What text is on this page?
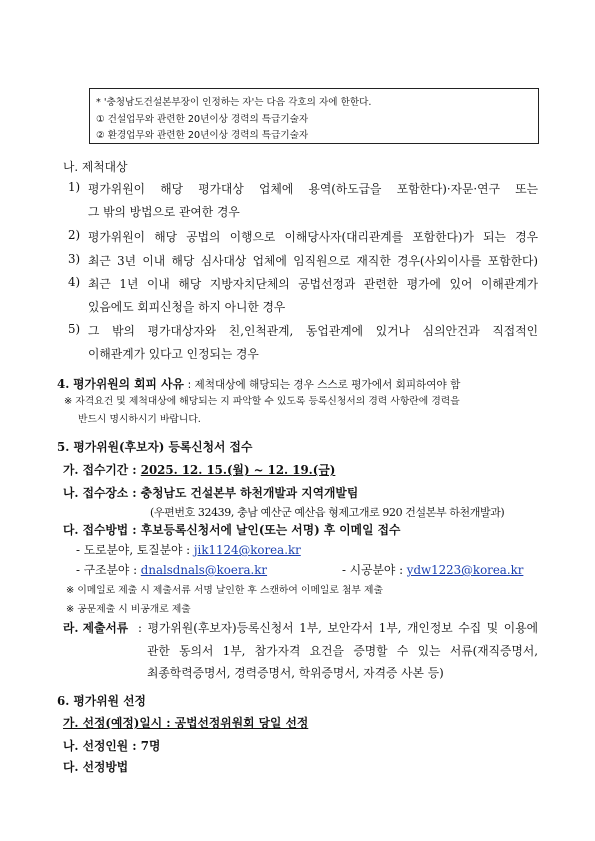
* '충청남도건설본부장이 인정하는 자'는 다음 각호의 자에 한한다.
① 건설업무와 관련한 20년이상 경력의 특급기술자
② 환경업무와 관련한 20년이상 경력의 특급기술자
나. 제척대상
1) 평가위원이 해당 평가대상 업체에 용역(하도급을 포함한다)·자문·연구 또는
그 밖의 방법으로 관여한 경우
2) 평가위원이 해당 공법의 이행으로 이해당사자(대리관계를 포함한다)가 되는 경우
3) 최근 3년 이내 해당 심사대상 업체에 임직원으로 재직한 경우(사외이사를 포함한다)
4) 최근 1년 이내 해당 지방자치단체의 공법선정과 관련한 평가에 있어 이해관계가
있음에도 회피신청을 하지 아니한 경우
5) 그 밖의 평가대상자와 친,인척관계, 동업관계에 있거나 심의안건과 직접적인
이해관계가 있다고 인정되는 경우
4. 평가위원의 회피 사유 : 제척대상에 해당되는 경우 스스로 평가에서 회피하여야 함
※ 자격요건 및 제척대상에 해당되는 지 파악할 수 있도록 등록신청서의 경력 사항란에 경력을
반드시 명시하시기 바랍니다.
5. 평가위원(후보자) 등록신청서 접수
가. 접수기간 : 2025. 12. 15.(월) ~ 12. 19.(금)
나. 접수장소 : 충청남도 건설본부 하천개발과 지역개발팀
(우편번호 32439, 충남 예산군 예산읍 형제고개로 920 건설본부 하천개발과)
다. 접수방법 : 후보등록신청서에 날인(또는 서명) 후 이메일 접수
- 도로분야, 토질분야 : jik1124@korea.kr
- 구조분야 : dnalsdnals@koera.kr	- 시공분야 : ydw1223@korea.kr
※ 이메일로 제출 시 제출서류 서명 날인한 후 스캔하여 이메일로 첨부 제출
※ 공문제출 시 비공개로 제출
라. 제출서류 : 평가위원(후보자)등록신청서 1부, 보안각서 1부, 개인정보 수집 및 이용에
관한 동의서 1부, 참가자격 요건을 증명할 수 있는 서류(재직증명서,
최종학력증명서, 경력증명서, 학위증명서, 자격증 사본 등)
6. 평가위원 선정
가. 선정(예정)일시 : 공법선정위원회 당일 선정
나. 선정인원 : 7명
다. 선정방법
